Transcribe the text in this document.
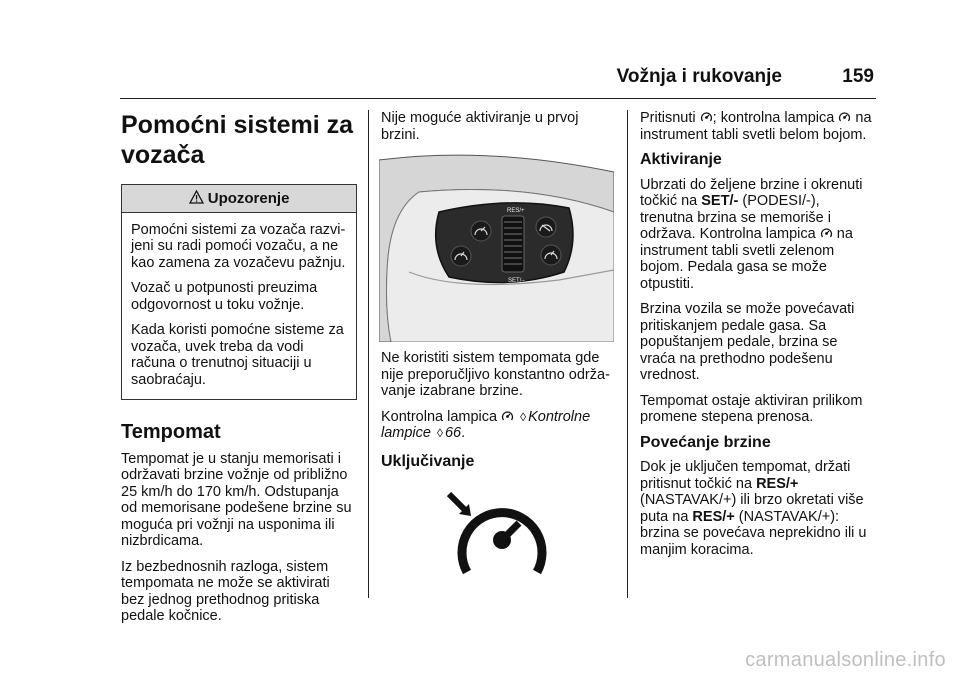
Vožnja i rukovanje	159
Pomoćni sistemi za vozača
Upozorenje

Pomoćni sistemi za vozača razvi-jeni su radi pomoći vozaču, a ne kao zamena za vozačevu pažnju.

Vozač u potpunosti preuzima odgovornost u toku vožnje.

Kada koristi pomoćne sisteme za vozača, uvek treba da vodi računa o trenutnoj situaciji u saobraćaju.

Tempomat

Tempomat je u stanju memorisati i održavati brzine vožnje od približno 25 km/h do 170 km/h. Odstupanja od memorisane podešene brzine su moguća pri vožnji na usponima ili nizbrdicama.

Iz bezbednosnih razloga, sistem tempomata ne može se aktivirati bez jednog prethodnog pritiska pedale kočnice.

Nije moguće aktiviranje u prvoj brzini.

RES/+
SET/–

Ne koristiti sistem tempomata gde nije preporučljivo konstantno održa-vanje izabrane brzine.

Kontrolna lampica ◊ Kontrolne lampice ◊ 66.

Uključivanje

Pritisnuti ; kontrolna lampica na instrument tabli svetli belom bojom.

Aktiviranje

Ubrzati do željene brzine i okrenuti točkić na SET/- (PODESI/-), trenutna brzina se memoriše i održava. Kontrolna lampica na instrument tabli svetli zelenom bojom. Pedala gasa se može otpustiti.

Brzina vozila se može povećavati pritiskanjem pedale gasa. Sa popuštanjem pedale, brzina se vraća na prethodno podešenu vrednost.

Tempomat ostaje aktiviran prilikom promene stepena prenosa.

Povećanje brzine

Dok je uključen tempomat, držati pritisnut točkić na RES/+ (NASTAVAK/+) ili brzo okretati više puta na RES/+ (NASTAVAK/+): brzina se povećava neprekidno ili u manjim koracima.

carmanualsonline.info
